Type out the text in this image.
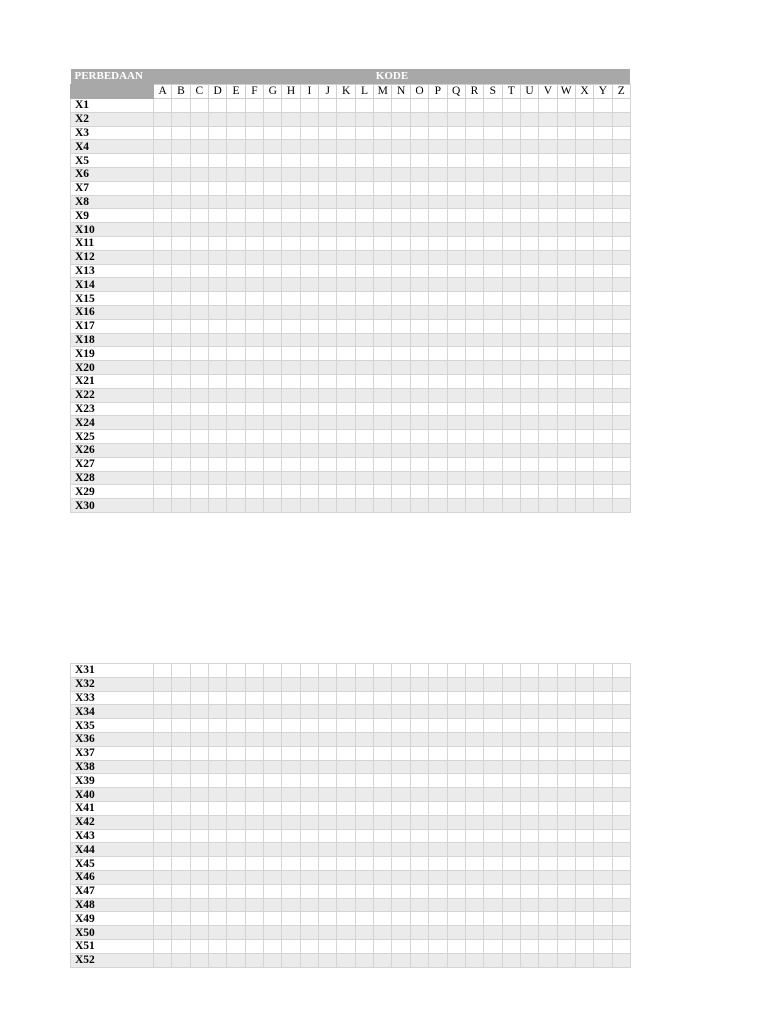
PERBEDAAN	KODE																									
	A	B	C	D	E	F	G	H	I	J	K	L	M	N	O	P	Q	R	S	T	U	V	W	X	Y	Z
X1																										
X2																										
X3																										
X4																										
X5																										
X6																										
X7																										
X8																										
X9																										
X10																										
X11																										
X12																										
X13																										
X14																										
X15																										
X16																										
X17																										
X18																										
X19																										
X20																										
X21																										
X22																										
X23																										
X24																										
X25																										
X26																										
X27																										
X28																										
X29																										
X30																										
X31																										
X32																										
X33																										
X34																										
X35																										
X36																										
X37																										
X38																										
X39																										
X40																										
X41																										
X42																										
X43																										
X44																										
X45																										
X46																										
X47																										
X48																										
X49																										
X50																										
X51																										
X52																										
